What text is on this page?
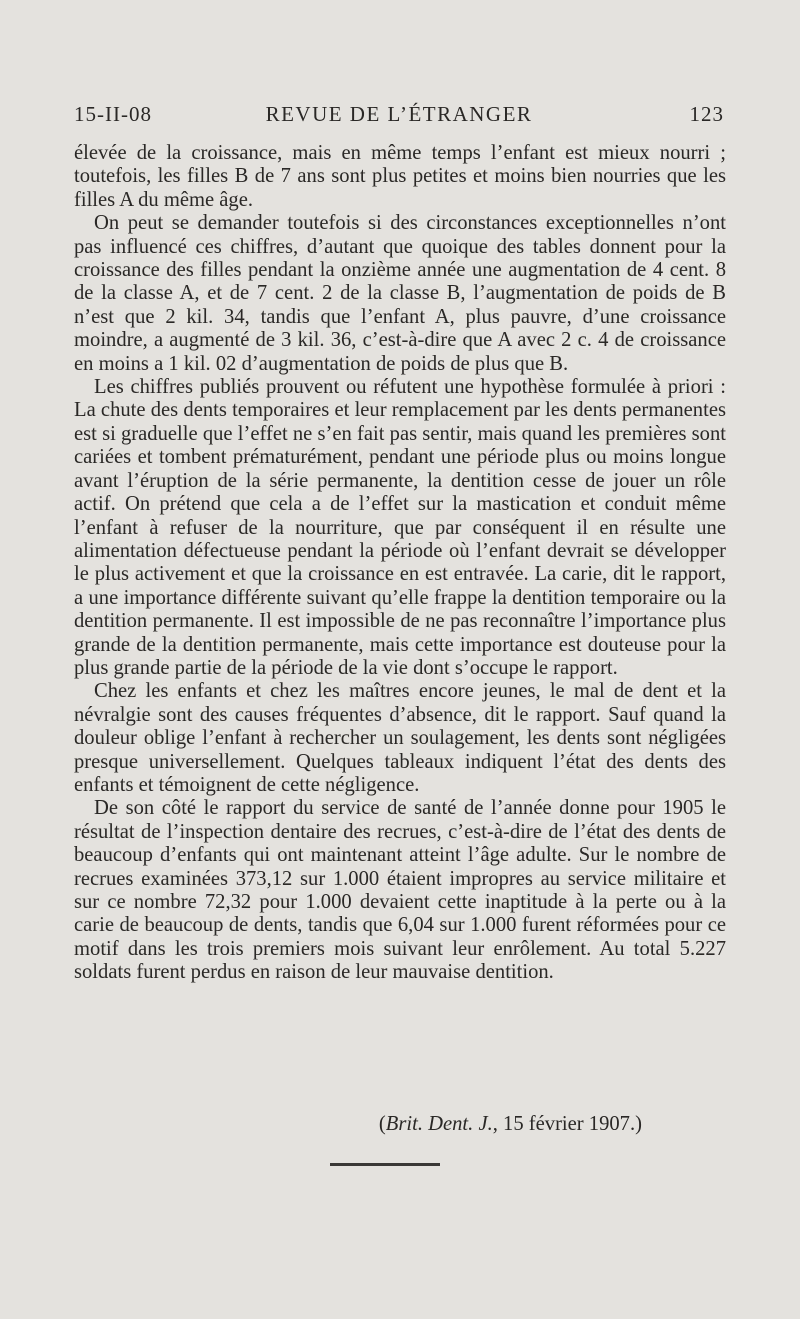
15-II-08	REVUE DE L’ÉTRANGER	123

élevée de la croissance, mais en même temps l’enfant est mieux nourri ; toutefois, les filles B de 7 ans sont plus petites et moins bien nourries que les filles A du même âge.

On peut se demander toutefois si des circonstances exceptionnelles n’ont pas influencé ces chiffres, d’autant que quoique des tables donnent pour la croissance des filles pendant la onzième année une augmentation de 4 cent. 8 de la classe A, et de 7 cent. 2 de la classe B, l’augmentation de poids de B n’est que 2 kil. 34, tandis que l’enfant A, plus pauvre, d’une croissance moindre, a augmenté de 3 kil. 36, c’est-à-dire que A avec 2 c. 4 de croissance en moins a 1 kil. 02 d’augmentation de poids de plus que B.

Les chiffres publiés prouvent ou réfutent une hypothèse formulée à priori : La chute des dents temporaires et leur remplacement par les dents permanentes est si graduelle que l’effet ne s’en fait pas sentir, mais quand les premières sont cariées et tombent prématurément, pendant une période plus ou moins longue avant l’éruption de la série permanente, la dentition cesse de jouer un rôle actif. On prétend que cela a de l’effet sur la mastication et conduit même l’enfant à refuser de la nourriture, que par conséquent il en résulte une alimentation défectueuse pendant la période où l’enfant devrait se développer le plus activement et que la croissance en est entravée. La carie, dit le rapport, a une importance différente suivant qu’elle frappe la dentition temporaire ou la dentition permanente. Il est impossible de ne pas reconnaître l’importance plus grande de la dentition permanente, mais cette importance est douteuse pour la plus grande partie de la période de la vie dont s’occupe le rapport.

Chez les enfants et chez les maîtres encore jeunes, le mal de dent et la névralgie sont des causes fréquentes d’absence, dit le rapport. Sauf quand la douleur oblige l’enfant à rechercher un soulagement, les dents sont négligées presque universellement. Quelques tableaux indiquent l’état des dents des enfants et témoignent de cette négligence.

De son côté le rapport du service de santé de l’année donne pour 1905 le résultat de l’inspection dentaire des recrues, c’est-à-dire de l’état des dents de beaucoup d’enfants qui ont maintenant atteint l’âge adulte. Sur le nombre de recrues examinées 373,12 sur 1.000 étaient impropres au service militaire et sur ce nombre 72,32 pour 1.000 devaient cette inaptitude à la perte ou à la carie de beaucoup de dents, tandis que 6,04 sur 1.000 furent réformées pour ce motif dans les trois premiers mois suivant leur enrôlement. Au total 5.227 soldats furent perdus en raison de leur mauvaise dentition.

(Brit. Dent. J., 15 février 1907.)
